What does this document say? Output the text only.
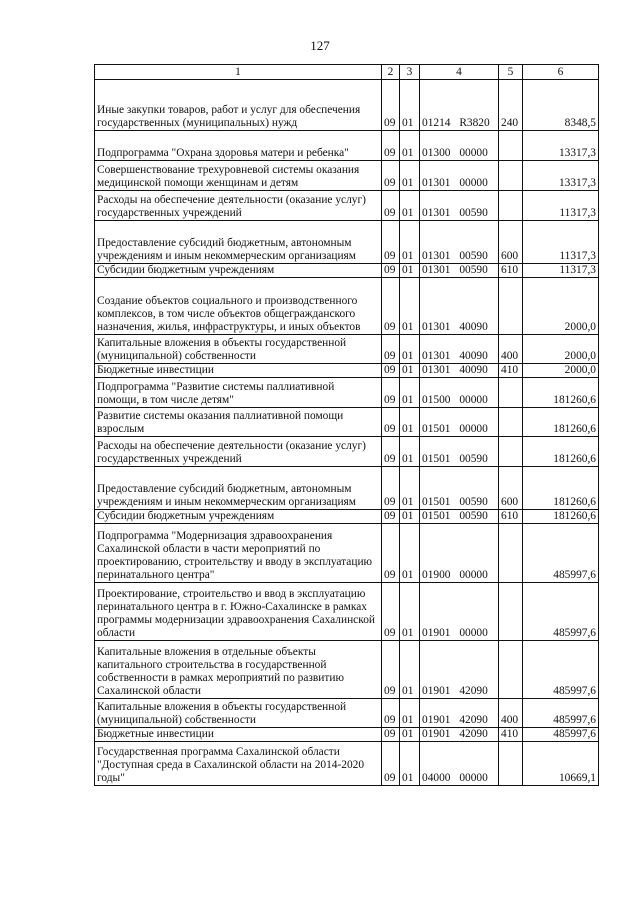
127
1	2	3	4	5	6
Иные закупки товаров, работ и услуг для обеспечения государственных (муниципальных) нужд	09	01	01214 R3820	240	8348,5
Подпрограмма "Охрана здоровья матери и ребенка"	09	01	01300 00000		13317,3
Совершенствование трехуровневой системы оказания медицинской помощи женщинам и детям	09	01	01301 00000		13317,3
Расходы на обеспечение деятельности (оказание услуг) государственных учреждений	09	01	01301 00590		11317,3
Предоставление субсидий бюджетным, автономным учреждениям и иным некоммерческим организациям	09	01	01301 00590	600	11317,3
Субсидии бюджетным учреждениям	09	01	01301 00590	610	11317,3
Создание объектов социального и производственного комплексов, в том числе объектов общегражданского назначения, жилья, инфраструктуры, и иных объектов	09	01	01301 40090		2000,0
Капитальные вложения в объекты государственной (муниципальной) собственности	09	01	01301 40090	400	2000,0
Бюджетные инвестиции	09	01	01301 40090	410	2000,0
Подпрограмма "Развитие системы паллиативной помощи, в том числе детям"	09	01	01500 00000		181260,6
Развитие системы оказания паллиативной помощи взрослым	09	01	01501 00000		181260,6
Расходы на обеспечение деятельности (оказание услуг) государственных учреждений	09	01	01501 00590		181260,6
Предоставление субсидий бюджетным, автономным учреждениям и иным некоммерческим организациям	09	01	01501 00590	600	181260,6
Субсидии бюджетным учреждениям	09	01	01501 00590	610	181260,6
Подпрограмма "Модернизация здравоохранения Сахалинской области в части мероприятий по проектированию, строительству и вводу в эксплуатацию перинатального центра"	09	01	01900 00000		485997,6
Проектирование, строительство и ввод в эксплуатацию перинатального центра в г. Южно-Сахалинске в рамках программы модернизации здравоохранения Сахалинской области	09	01	01901 00000		485997,6
Капитальные вложения в отдельные объекты капитального строительства в государственной собственности в рамках мероприятий по развитию Сахалинской области	09	01	01901 42090		485997,6
Капитальные вложения в объекты государственной (муниципальной) собственности	09	01	01901 42090	400	485997,6
Бюджетные инвестиции	09	01	01901 42090	410	485997,6
Государственная программа Сахалинской области "Доступная среда в Сахалинской области на 2014-2020 годы"	09	01	04000 00000		10669,1
